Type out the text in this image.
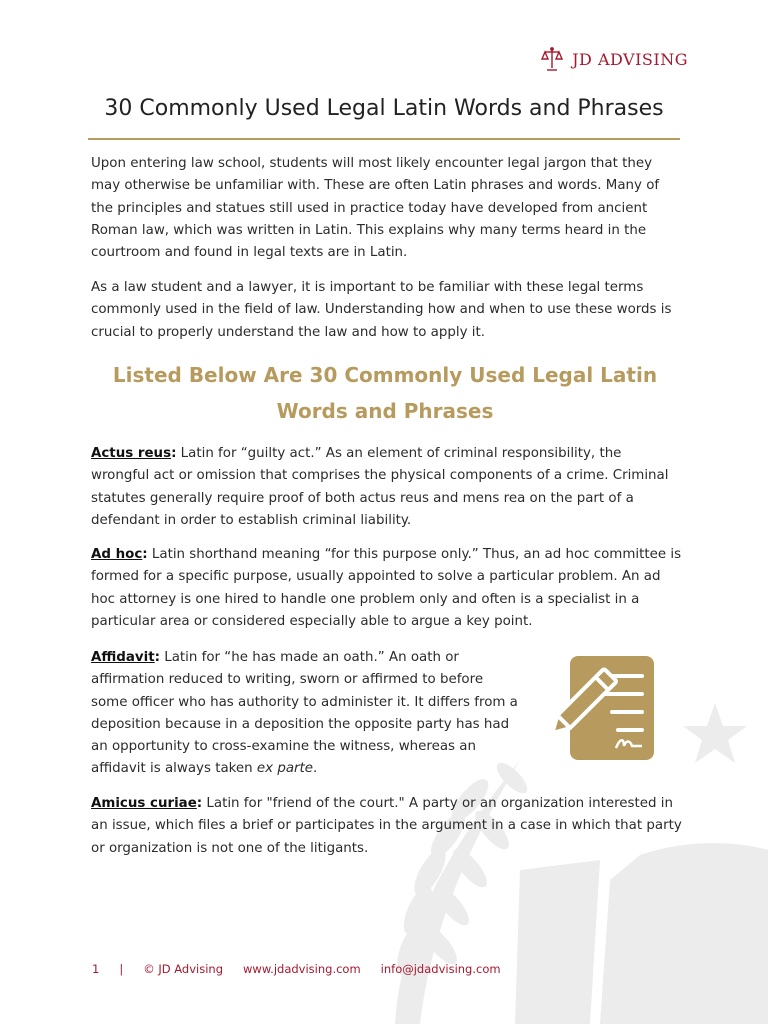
JD ADVISING
30 Commonly Used Legal Latin Words and Phrases

Upon entering law school, students will most likely encounter legal jargon that they may otherwise be unfamiliar with. These are often Latin phrases and words. Many of the principles and statues still used in practice today have developed from ancient Roman law, which was written in Latin. This explains why many terms heard in the courtroom and found in legal texts are in Latin.

As a law student and a lawyer, it is important to be familiar with these legal terms commonly used in the field of law. Understanding how and when to use these words is crucial to properly understand the law and how to apply it.

Listed Below Are 30 Commonly Used Legal Latin Words and Phrases

Actus reus: Latin for “guilty act.” As an element of criminal responsibility, the wrongful act or omission that comprises the physical components of a crime. Criminal statutes generally require proof of both actus reus and mens rea on the part of a defendant in order to establish criminal liability.

Ad hoc: Latin shorthand meaning “for this purpose only.” Thus, an ad hoc committee is formed for a specific purpose, usually appointed to solve a particular problem. An ad hoc attorney is one hired to handle one problem only and often is a specialist in a particular area or considered especially able to argue a key point.

Affidavit: Latin for “he has made an oath.” An oath or affirmation reduced to writing, sworn or affirmed to before some officer who has authority to administer it. It differs from a deposition because in a deposition the opposite party has had an opportunity to cross-examine the witness, whereas an affidavit is always taken ex parte.

Amicus curiae: Latin for "friend of the court." A party or an organization interested in an issue, which files a brief or participates in the argument in a case in which that party or organization is not one of the litigants.

1 | © JD Advising www.jdadvising.com info@jdadvising.com
